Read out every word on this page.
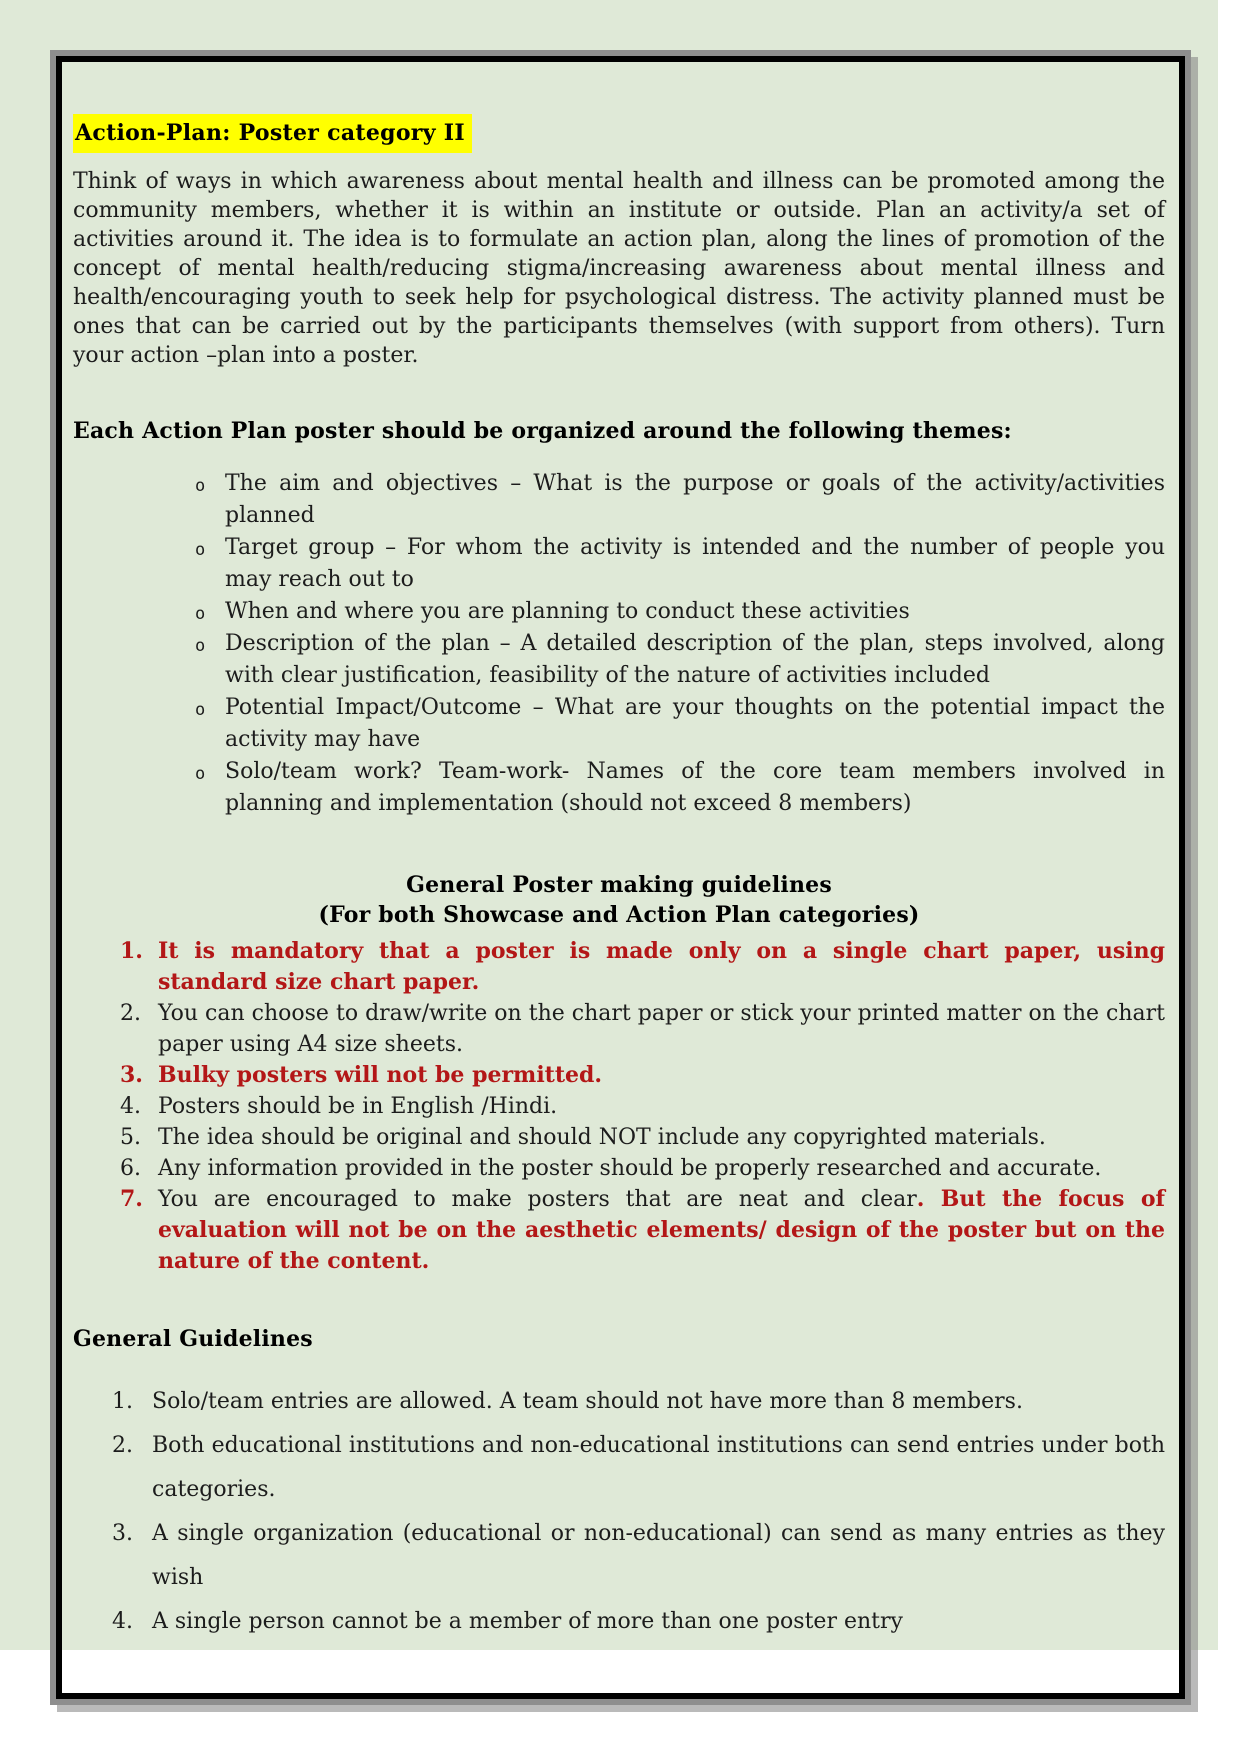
Action-Plan: Poster category II

Think of ways in which awareness about mental health and illness can be promoted among the community members, whether it is within an institute or outside. Plan an activity/a set of activities around it. The idea is to formulate an action plan, along the lines of promotion of the concept of mental health/reducing stigma/increasing awareness about mental illness and health/encouraging youth to seek help for psychological distress. The activity planned must be ones that can be carried out by the participants themselves (with support from others). Turn your action –plan into a poster.

Each Action Plan poster should be organized around the following themes:

o The aim and objectives – What is the purpose or goals of the activity/activities planned
o Target group – For whom the activity is intended and the number of people you may reach out to
o When and where you are planning to conduct these activities
o Description of the plan – A detailed description of the plan, steps involved, along with clear justification, feasibility of the nature of activities included
o Potential Impact/Outcome – What are your thoughts on the potential impact the activity may have
o Solo/team work? Team-work- Names of the core team members involved in planning and implementation (should not exceed 8 members)

General Poster making guidelines

(For both Showcase and Action Plan categories)

1. It is mandatory that a poster is made only on a single chart paper, using standard size chart paper.
2. You can choose to draw/write on the chart paper or stick your printed matter on the chart paper using A4 size sheets.
3. Bulky posters will not be permitted.
4. Posters should be in English /Hindi.
5. The idea should be original and should NOT include any copyrighted materials.
6. Any information provided in the poster should be properly researched and accurate.
7. You are encouraged to make posters that are neat and clear. But the focus of evaluation will not be on the aesthetic elements/ design of the poster but on the nature of the content.

General Guidelines

1. Solo/team entries are allowed. A team should not have more than 8 members.
2. Both educational institutions and non-educational institutions can send entries under both categories.
3. A single organization (educational or non-educational) can send as many entries as they wish
4. A single person cannot be a member of more than one poster entry
